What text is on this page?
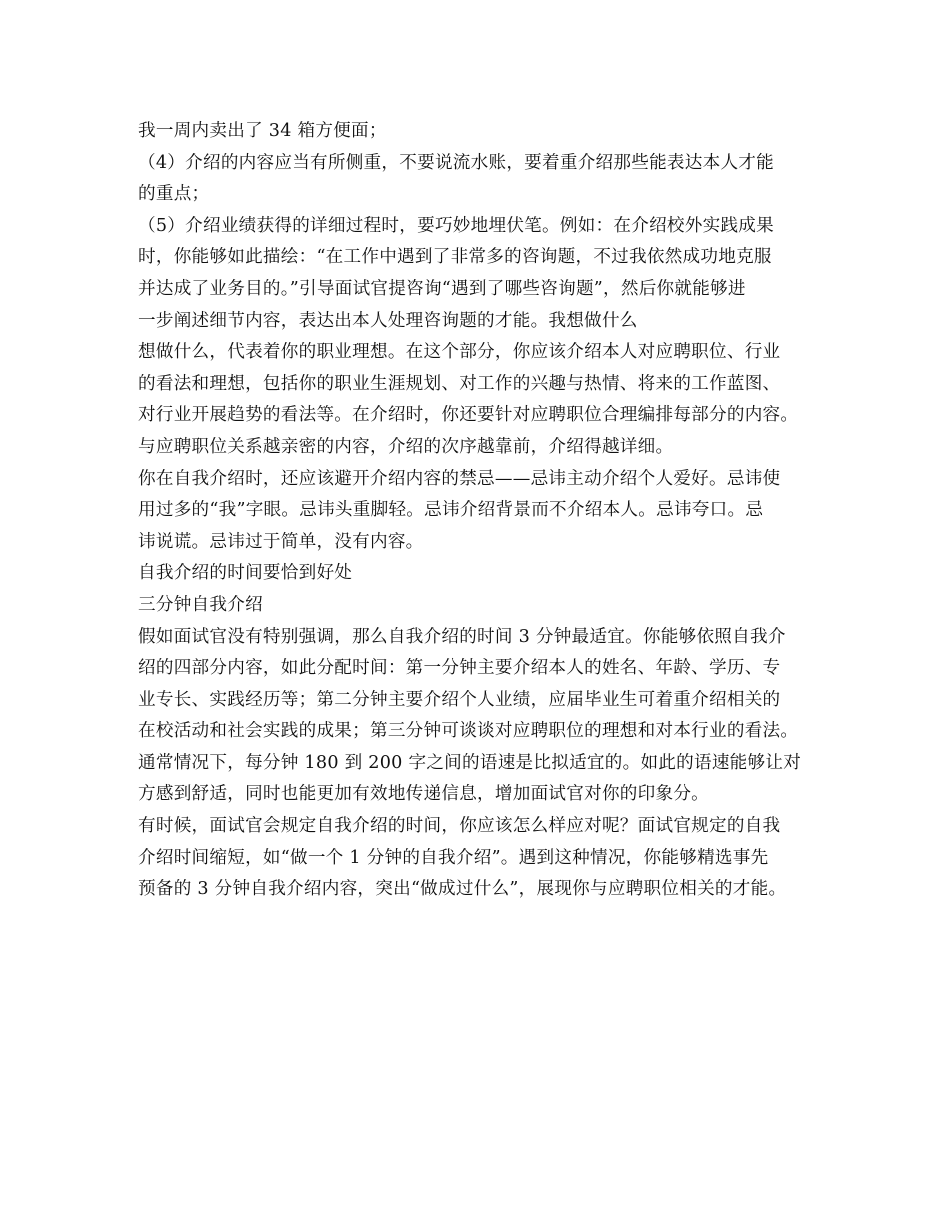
我一周内卖出了 34 箱方便面；
（4）介绍的内容应当有所侧重，不要说流水账，要着重介绍那些能表达本人才能
的重点；
（5）介绍业绩获得的详细过程时，要巧妙地埋伏笔。例如：在介绍校外实践成果
时，你能够如此描绘：“在工作中遇到了非常多的咨询题，不过我依然成功地克服
并达成了业务目的。”引导面试官提咨询“遇到了哪些咨询题”，然后你就能够进
一步阐述细节内容，表达出本人处理咨询题的才能。我想做什么
想做什么，代表着你的职业理想。在这个部分，你应该介绍本人对应聘职位、行业
的看法和理想，包括你的职业生涯规划、对工作的兴趣与热情、将来的工作蓝图、
对行业开展趋势的看法等。在介绍时，你还要针对应聘职位合理编排每部分的内容。
与应聘职位关系越亲密的内容，介绍的次序越靠前，介绍得越详细。
你在自我介绍时，还应该避开介绍内容的禁忌——忌讳主动介绍个人爱好。忌讳使
用过多的“我”字眼。忌讳头重脚轻。忌讳介绍背景而不介绍本人。忌讳夸口。忌
讳说谎。忌讳过于简单，没有内容。
自我介绍的时间要恰到好处
三分钟自我介绍
假如面试官没有特别强调，那么自我介绍的时间 3 分钟最适宜。你能够依照自我介
绍的四部分内容，如此分配时间：第一分钟主要介绍本人的姓名、年龄、学历、专
业专长、实践经历等；第二分钟主要介绍个人业绩，应届毕业生可着重介绍相关的
在校活动和社会实践的成果；第三分钟可谈谈对应聘职位的理想和对本行业的看法。
通常情况下，每分钟 180 到 200 字之间的语速是比拟适宜的。如此的语速能够让对
方感到舒适，同时也能更加有效地传递信息，增加面试官对你的印象分。
有时候，面试官会规定自我介绍的时间，你应该怎么样应对呢？面试官规定的自我
介绍时间缩短，如“做一个 1 分钟的自我介绍”。遇到这种情况，你能够精选事先
预备的 3 分钟自我介绍内容，突出“做成过什么”，展现你与应聘职位相关的才能。
